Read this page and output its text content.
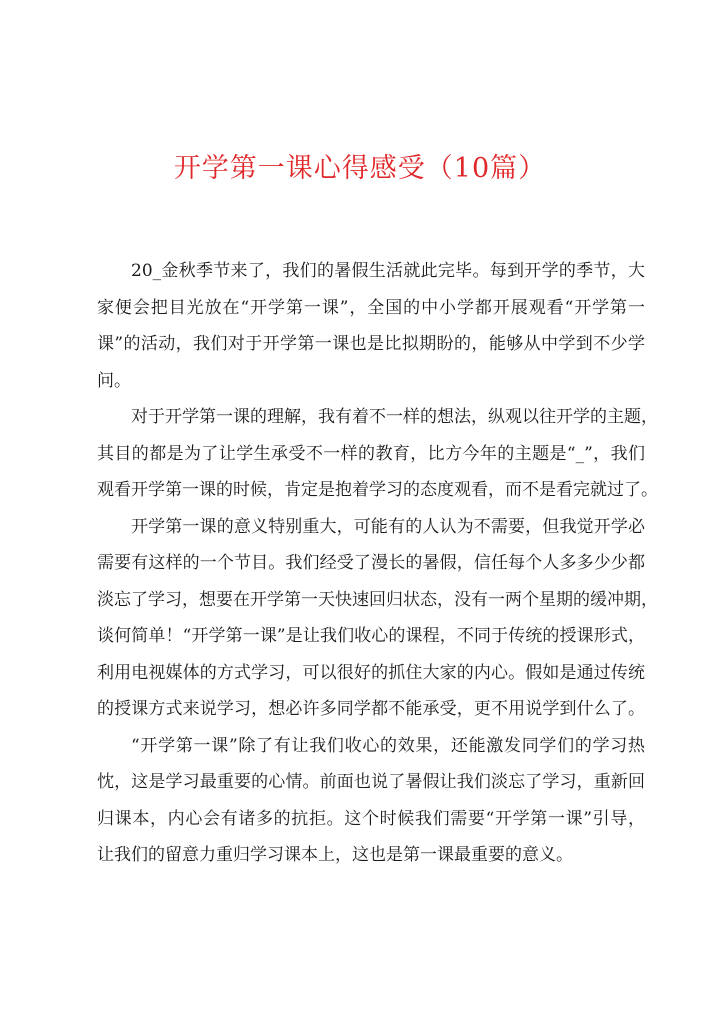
开学第一课心得感受（10篇）
20_金秋季节来了，我们的暑假生活就此完毕。每到开学的季节，大
家便会把目光放在“开学第一课”，全国的中小学都开展观看“开学第一
课”的活动，我们对于开学第一课也是比拟期盼的，能够从中学到不少学
问。
对于开学第一课的理解，我有着不一样的想法，纵观以往开学的主题，
其目的都是为了让学生承受不一样的教育，比方今年的主题是“_”，我们
观看开学第一课的时候，肯定是抱着学习的态度观看，而不是看完就过了。
开学第一课的意义特别重大，可能有的人认为不需要，但我觉开学必
需要有这样的一个节目。我们经受了漫长的暑假，信任每个人多多少少都
淡忘了学习，想要在开学第一天快速回归状态，没有一两个星期的缓冲期，
谈何简单！“开学第一课”是让我们收心的课程，不同于传统的授课形式，
利用电视媒体的方式学习，可以很好的抓住大家的内心。假如是通过传统
的授课方式来说学习，想必许多同学都不能承受，更不用说学到什么了。
“开学第一课”除了有让我们收心的效果，还能激发同学们的学习热
忱，这是学习最重要的心情。前面也说了暑假让我们淡忘了学习，重新回
归课本，内心会有诸多的抗拒。这个时候我们需要“开学第一课”引导，
让我们的留意力重归学习课本上，这也是第一课最重要的意义。
